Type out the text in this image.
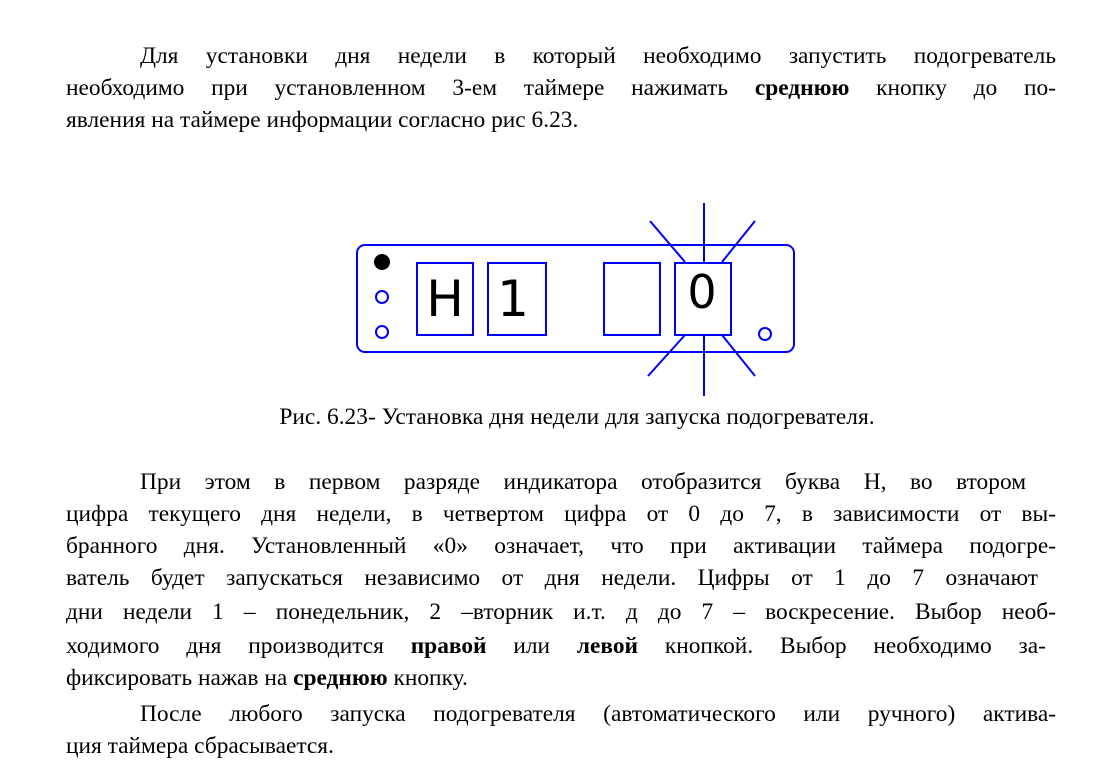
Для установки дня недели в который необходимо запустить подогреватель
необходимо при установленном 3-ем таймере нажимать среднюю кнопку до по-
явления на таймере информации согласно рис 6.23.
Н 1	0
Рис. 6.23- Установка дня недели для запуска подогревателя.
При этом в первом разряде индикатора отобразится буква Н, во втором
цифра текущего дня недели, в четвертом цифра от 0 до 7, в зависимости от вы-
бранного дня. Установленный «0» означает, что при активации таймера подогре-
ватель будет запускаться независимо от дня недели. Цифры от 1 до 7 означают
дни недели 1 – понедельник, 2 –вторник и.т. д до 7 – воскресение. Выбор необ-
ходимого дня производится правой или левой кнопкой. Выбор необходимо за-
фиксировать нажав на среднюю кнопку.
После любого запуска подогревателя (автоматического или ручного) актива-
ция таймера сбрасывается.
